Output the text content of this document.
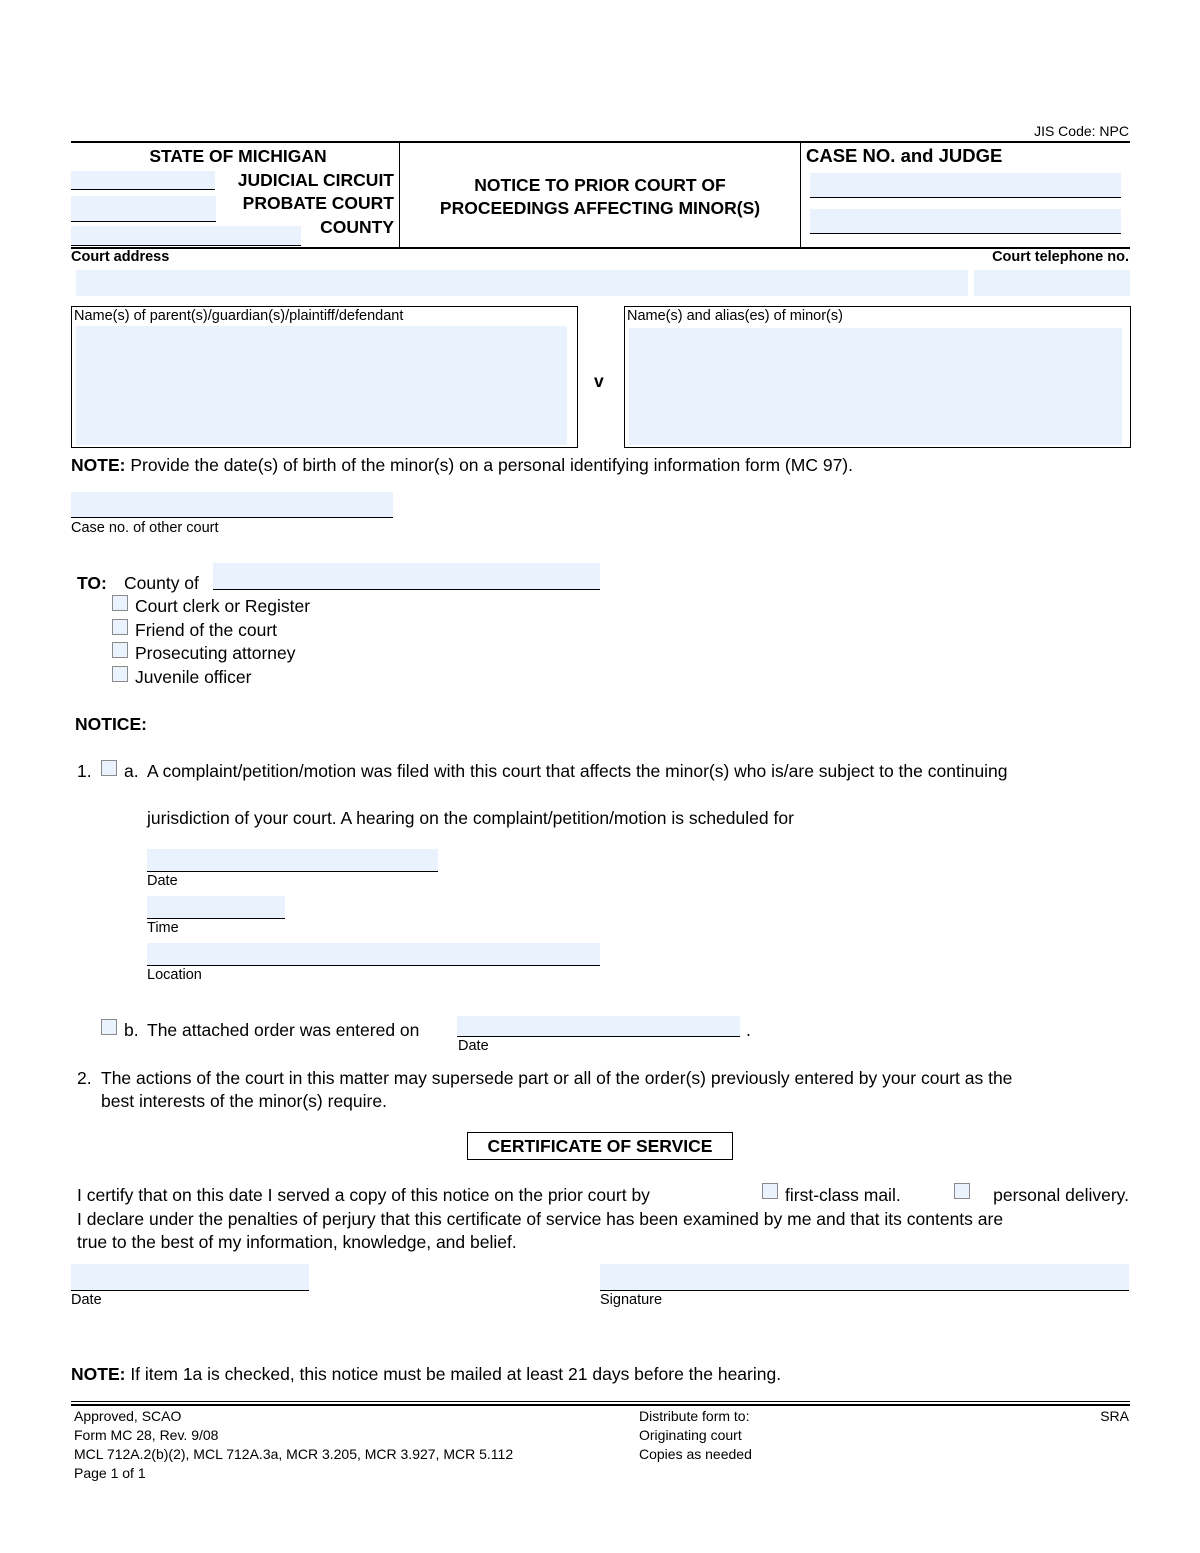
JIS Code: NPC
STATE OF MICHIGAN
JUDICIAL CIRCUIT
PROBATE COURT
COUNTY
NOTICE TO PRIOR COURT OF
PROCEEDINGS AFFECTING MINOR(S)
CASE NO. and JUDGE
Court address	Court telephone no.
Name(s) of parent(s)/guardian(s)/plaintiff/defendant
v
Name(s) and alias(es) of minor(s)
NOTE: Provide the date(s) of birth of the minor(s) on a personal identifying information form (MC 97).
Case no. of other court
TO: County of
Court clerk or Register
Friend of the court
Prosecuting attorney
Juvenile officer
NOTICE:
1. a. A complaint/petition/motion was filed with this court that affects the minor(s) who is/are subject to the continuing
jurisdiction of your court. A hearing on the complaint/petition/motion is scheduled for
Date
Time
Location
b. The attached order was entered on	.
Date
2. The actions of the court in this matter may supersede part or all of the order(s) previously entered by your court as the
best interests of the minor(s) require.
CERTIFICATE OF SERVICE
I certify that on this date I served a copy of this notice on the prior court by	first-class mail.	personal delivery.
I declare under the penalties of perjury that this certificate of service has been examined by me and that its contents are
true to the best of my information, knowledge, and belief.
Date	Signature
NOTE: If item 1a is checked, this notice must be mailed at least 21 days before the hearing.
Approved, SCAO
Form MC 28, Rev. 9/08
MCL 712A.2(b)(2), MCL 712A.3a, MCR 3.205, MCR 3.927, MCR 5.112
Page 1 of 1
Distribute form to:
Originating court
Copies as needed
SRA
